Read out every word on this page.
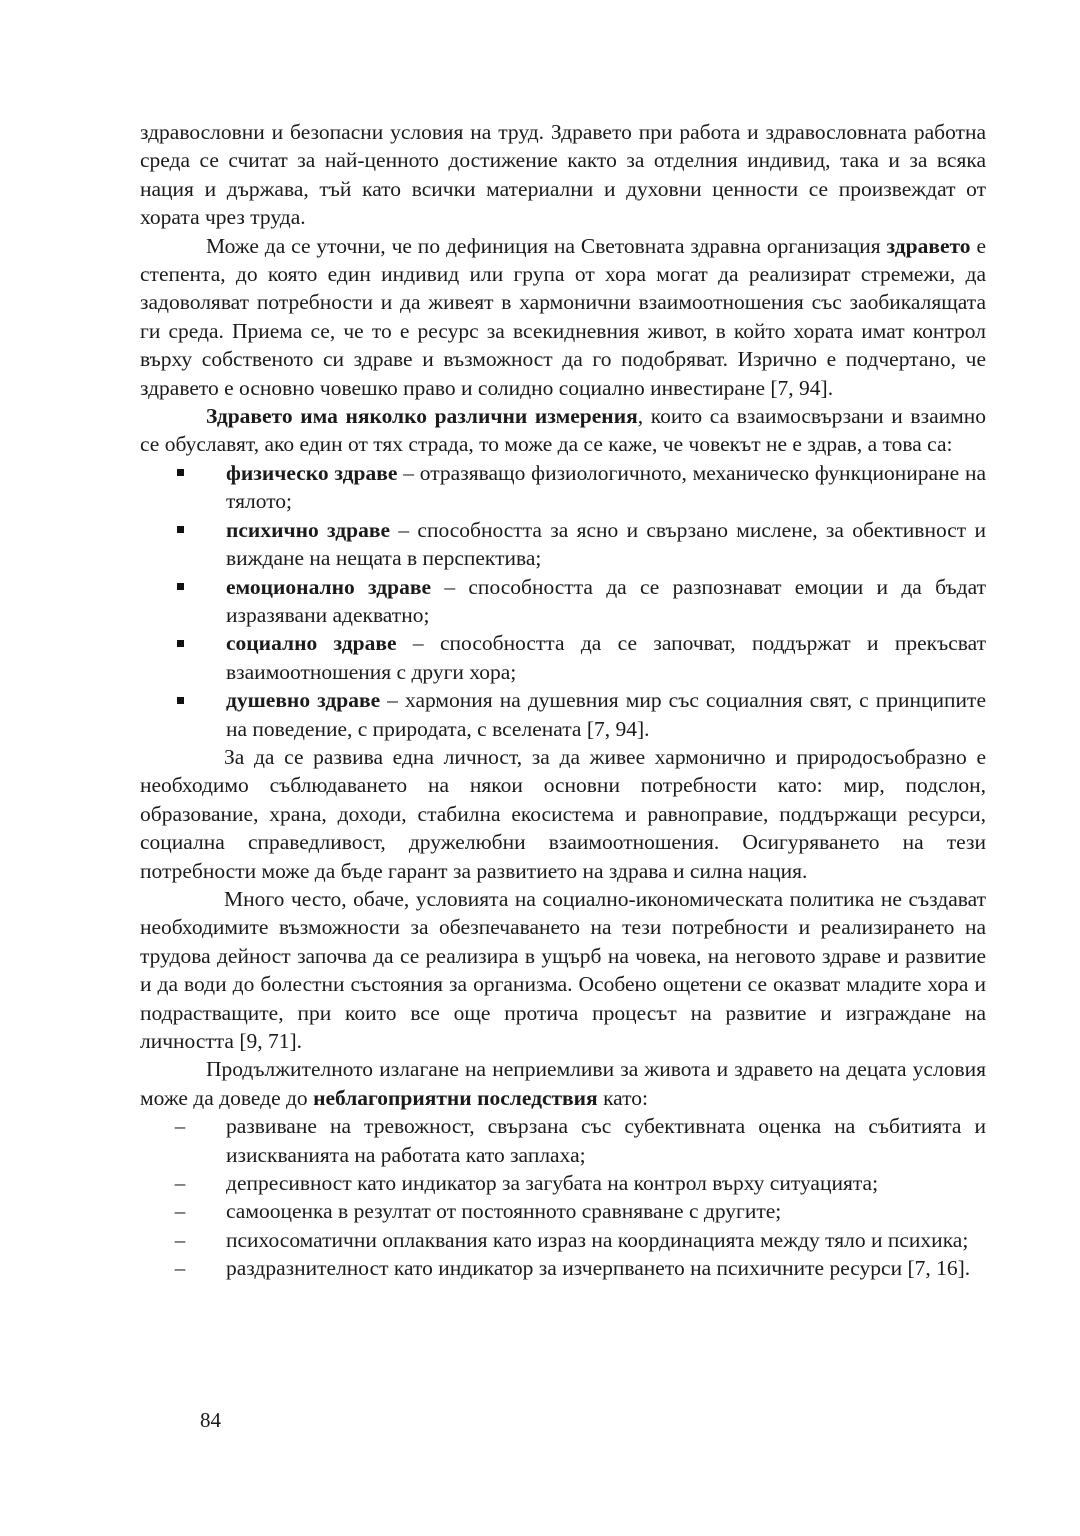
здравословни и безопасни условия на труд. Здравето при работа и здравословната работна среда се считат за най-ценното достижение както за отделния индивид, така и за всяка нация и държава, тъй като всички материални и духовни ценности се произвеждат от хората чрез труда.

Може да се уточни, че по дефиниция на Световната здравна организация здравето е степента, до която един индивид или група от хора могат да реализират стремежи, да задоволяват потребности и да живеят в хармонични взаимоотношения със заобикалящата ги среда. Приема се, че то е ресурс за всекидневния живот, в който хората имат контрол върху собственото си здраве и възможност да го подобряват. Изрично е подчертано, че здравето е основно човешко право и солидно социално инвестиране [7, 94].

Здравето има няколко различни измерения, които са взаимосвързани и взаимно се обуславят, ако един от тях страда, то може да се каже, че човекът не е здрав, а това са:

физическо здраве – отразяващо физиологичното, механическо функциониране на тялото;
психично здраве – способността за ясно и свързано мислене, за обективност и виждане на нещата в перспектива;
емоционално здраве – способността да се разпознават емоции и да бъдат изразявани адекватно;
социално здраве – способността да се започват, поддържат и прекъсват взаимоотношения с други хора;
душевно здраве – хармония на душевния мир със социалния свят, с принципите на поведение, с природата, с вселената [7, 94].

За да се развива една личност, за да живее хармонично и природосъобразно е необходимо съблюдаването на някои основни потребности като: мир, подслон, образование, храна, доходи, стабилна екосистема и равноправие, поддържащи ресурси, социална справедливост, дружелюбни взаимоотношения. Осигуряването на тези потребности може да бъде гарант за развитието на здрава и силна нация.

Много често, обаче, условията на социално-икономическата политика не създават необходимите възможности за обезпечаването на тези потребности и реализирането на трудова дейност започва да се реализира в ущърб на човека, на неговото здраве и развитие и да води до болестни състояния за организма. Особено ощетени се оказват младите хора и подрастващите, при които все още протича процесът на развитие и изграждане на личността [9, 71].

Продължителното излагане на неприемливи за живота и здравето на децата условия може да доведе до неблагоприятни последствия като:

– развиване на тревожност, свързана със субективната оценка на събитията и изискванията на работата като заплаха;
– депресивност като индикатор за загубата на контрол върху ситуацията;
– самооценка в резултат от постоянното сравняване с другите;
– психосоматични оплаквания като израз на координацията между тяло и психика;
– раздразнителност като индикатор за изчерпването на психичните ресурси [7, 16].
84
